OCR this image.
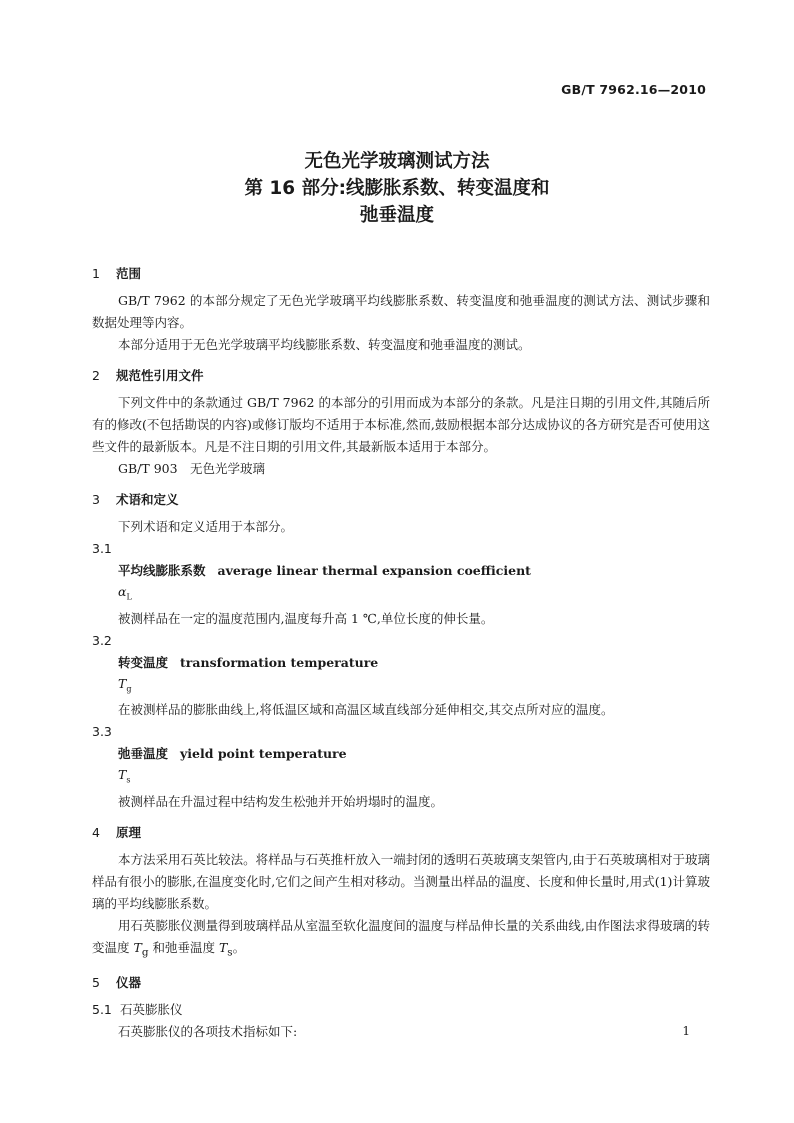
GB/T 7962.16—2010
无色光学玻璃测试方法
第 16 部分:线膨胀系数、转变温度和
弛垂温度
1 范围

GB/T 7962 的本部分规定了无色光学玻璃平均线膨胀系数、转变温度和弛垂温度的测试方法、测试步骤和数据处理等内容。

本部分适用于无色光学玻璃平均线膨胀系数、转变温度和弛垂温度的测试。

2 规范性引用文件

下列文件中的条款通过 GB/T 7962 的本部分的引用而成为本部分的条款。凡是注日期的引用文件,其随后所有的修改(不包括勘误的内容)或修订版均不适用于本标准,然而,鼓励根据本部分达成协议的各方研究是否可使用这些文件的最新版本。凡是不注日期的引用文件,其最新版本适用于本部分。

GB/T 903　无色光学玻璃

3 术语和定义

下列术语和定义适用于本部分。

3.1

平均线膨胀系数 average linear thermal expansion coefficient

$\alpha_L$

被测样品在一定的温度范围内,温度每升高 1 ℃,单位长度的伸长量。

3.2

转变温度 transformation temperature

$T_g$

在被测样品的膨胀曲线上,将低温区域和高温区域直线部分延伸相交,其交点所对应的温度。

3.3

弛垂温度 yield point temperature

$T_s$

被测样品在升温过程中结构发生松弛并开始坍塌时的温度。

4 原理

本方法采用石英比较法。将样品与石英推杆放入一端封闭的透明石英玻璃支架管内,由于石英玻璃相对于玻璃样品有很小的膨胀,在温度变化时,它们之间产生相对移动。当测量出样品的温度、长度和伸长量时,用式(1)计算玻璃的平均线膨胀系数。

用石英膨胀仪测量得到玻璃样品从室温至软化温度间的温度与样品伸长量的关系曲线,由作图法求得玻璃的转变温度 $T_g$ 和弛垂温度 $T_s$。

5 仪器

5.1 石英膨胀仪

石英膨胀仪的各项技术指标如下:	1
